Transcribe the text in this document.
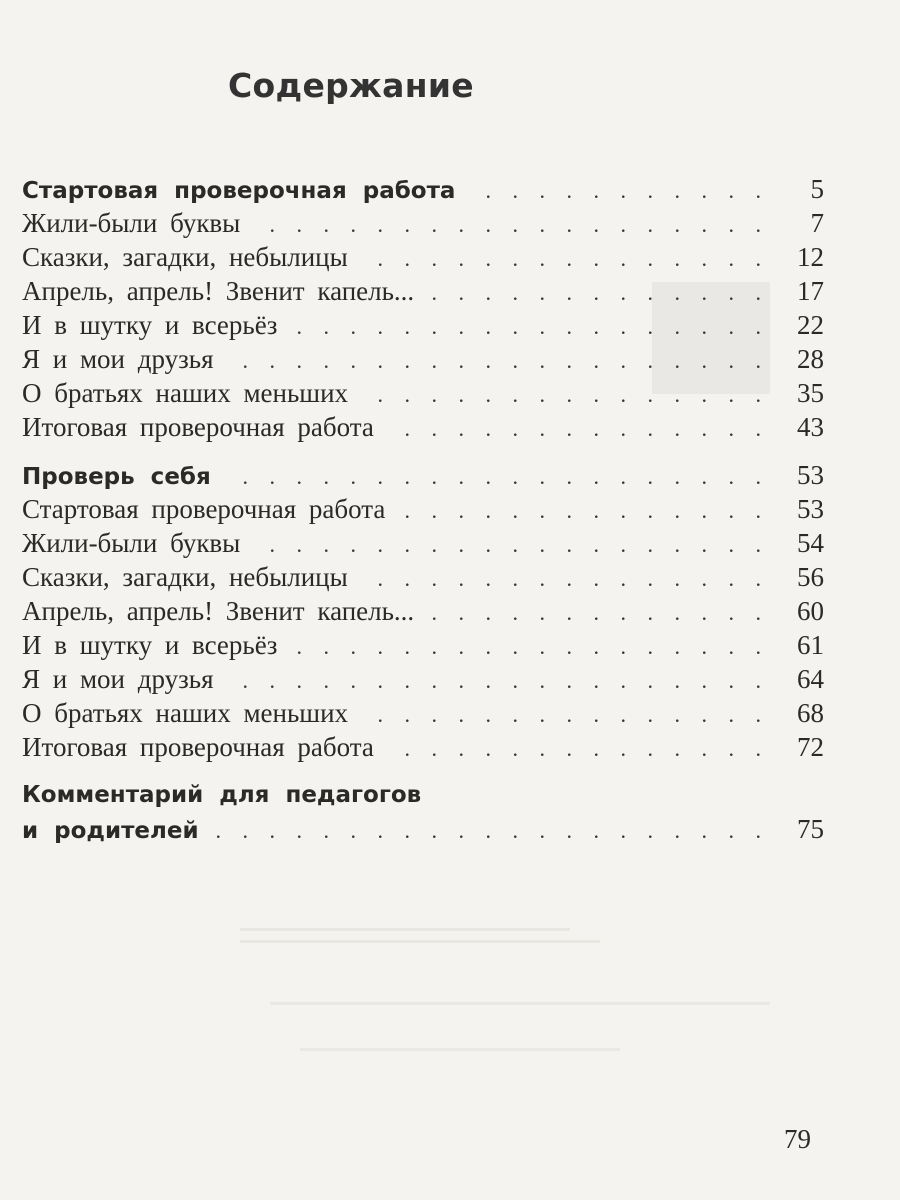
Содержание
Стартовая проверочная работа . . .	5
Жили-были буквы . . .	7
Сказки, загадки, небылицы . . .	12
Апрель, апрель! Звенит капель... . . .	17
И в шутку и всерьёз . . .	22
Я и мои друзья . . .	28
О братьях наших меньших . . .	35
Итоговая проверочная работа . . .	43
Проверь себя . . .	53
Стартовая проверочная работа . . .	53
Жили-были буквы . . .	54
Сказки, загадки, небылицы . . .	56
Апрель, апрель! Звенит капель... . . .	60
И в шутку и всерьёз . . .	61
Я и мои друзья . . .	64
О братьях наших меньших . . .	68
Итоговая проверочная работа . . .	72
Комментарий для педагогов
и родителей . . .	75

79
